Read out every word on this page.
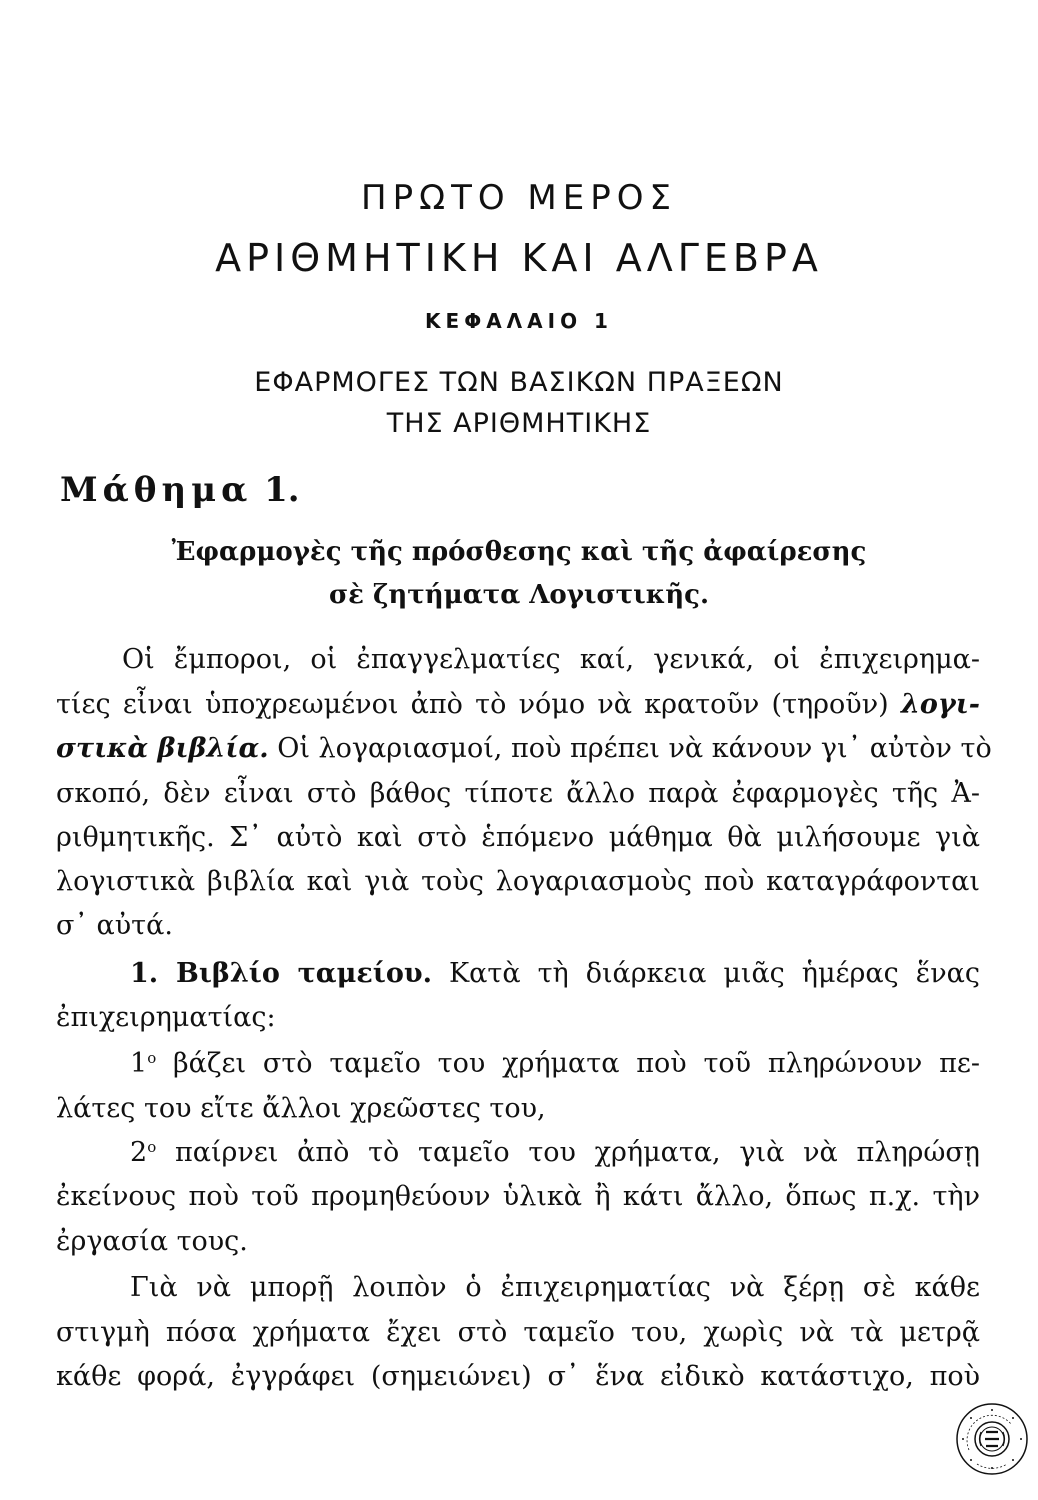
ΠΡΩΤΟ ΜΕΡΟΣ
ΑΡΙΘΜΗΤΙΚΗ ΚΑΙ ΑΛΓΕΒΡΑ
ΚΕΦΑΛΑΙΟ 1
ΕΦΑΡΜΟΓΕΣ ΤΩΝ ΒΑΣΙΚΩΝ ΠΡΑΞΕΩΝ
ΤΗΣ ΑΡΙΘΜΗΤΙΚΗΣ
Μάθημα 1.
Ἐφαρμογὲς τῆς πρόσθεσης καὶ τῆς ἀφαίρεσης
σὲ ζητήματα Λογιστικῆς.
Οἱ ἔμποροι, οἱ ἐπαγγελματίες καί, γενικά, οἱ ἐπιχειρημα-
τίες εἶναι ὑποχρεωμένοι ἀπὸ τὸ νόμο νὰ κρατοῦν (τηροῦν) λογι-
στικὰ βιβλία. Οἱ λογαριασμοί, ποὺ πρέπει νὰ κάνουν γι᾽ αὐτὸν τὸ
σκοπό, δὲν εἶναι στὸ βάθος τίποτε ἄλλο παρὰ ἐφαρμογὲς τῆς Ἀ-
ριθμητικῆς. Σ᾽ αὐτὸ καὶ στὸ ἑπόμενο μάθημα θὰ μιλήσουμε γιὰ
λογιστικὰ βιβλία καὶ γιὰ τοὺς λογαριασμοὺς ποὺ καταγράφονται
σ᾽ αὐτά.
1. Βιβλίο ταμείου. Κατὰ τὴ διάρκεια μιᾶς ἡμέρας ἕνας
ἐπιχειρηματίας:
$1^o$ βάζει στὸ ταμεῖο του χρήματα ποὺ τοῦ πληρώνουν πε-
λάτες του εἴτε ἄλλοι χρεῶστες του,
$2^o$ παίρνει ἀπὸ τὸ ταμεῖο του χρήματα, γιὰ νὰ πληρώσῃ
ἐκείνους ποὺ τοῦ προμηθεύουν ὑλικὰ ἢ κάτι ἄλλο, ὅπως π.χ. τὴν
ἐργασία τους.
Γιὰ νὰ μπορῇ λοιπὸν ὁ ἐπιχειρηματίας νὰ ξέρῃ σὲ κάθε
στιγμὴ πόσα χρήματα ἔχει στὸ ταμεῖο του, χωρὶς νὰ τὰ μετρᾷ
κάθε φορά, ἐγγράφει (σημειώνει) σ᾽ ἕνα εἰδικὸ κατάστιχο, ποὺ
